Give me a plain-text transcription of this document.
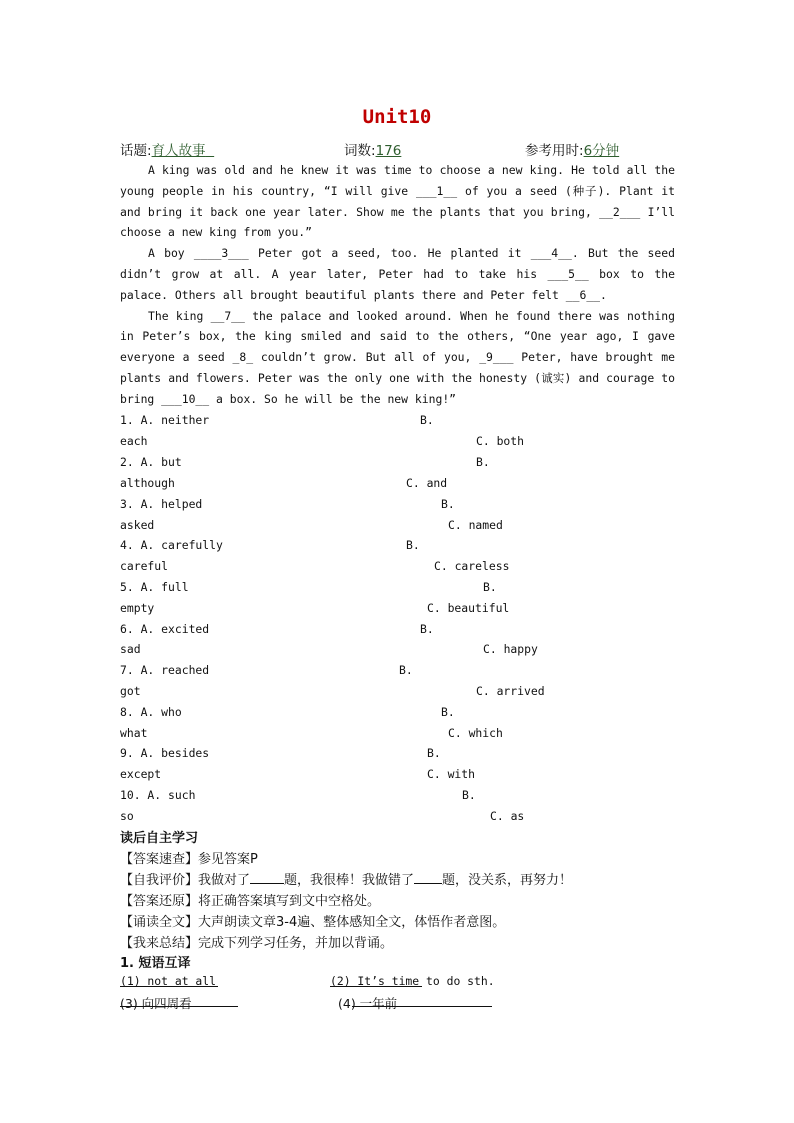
Unit10
话题:育人故事	词数:176	参考用时:6分钟

A king was old and he knew it was time to choose a new king. He told all the young people in his country, “I will give ___1__ of you a seed (种子). Plant it and bring it back one year later. Show me the plants that you bring, __2___ I’ll choose a new king from you.”

A boy ____3___ Peter got a seed, too. He planted it ___4__. But the seed didn’t grow at all. A year later, Peter had to take his ___5__ box to the palace. Others all brought beautiful plants there and Peter felt __6__.

The king __7__ the palace and looked around. When he found there was nothing in Peter’s box, the king smiled and said to the others, “One year ago, I gave everyone a seed _8_ couldn’t grow. But all of you, _9___ Peter, have brought me plants and flowers. Peter was the only one with the honesty (诚实) and courage to bring ___10__ a box. So he will be the new king!”

1. A. neither	B.
each	C. both
2. A. but	B.
although	C. and
3. A. helped	B.
asked	C. named
4. A. carefully	B.
careful	C. careless
5. A. full	B.
empty	C. beautiful
6. A. excited	B.
sad	C. happy
7. A. reached	B.
got	C. arrived
8. A. who	B.
what	C. which
9. A. besides	B.
except	C. with
10. A. such	B.
so	C. as
读后自主学习
【答案速查】参见答案P
【自我评价】我做对了	题，我很棒！我做错了 题，没关系，再努力！
【答案还原】将正确答案填写到文中空格处。
【诵读全文】大声朗读文章3-4遍、整体感知全文，体悟作者意图。
【我来总结】完成下列学习任务，并加以背诵。
1. 短语互译
(1) not at all	(2) It’s time to do sth.
(3) 向四周看	(4) 一年前
